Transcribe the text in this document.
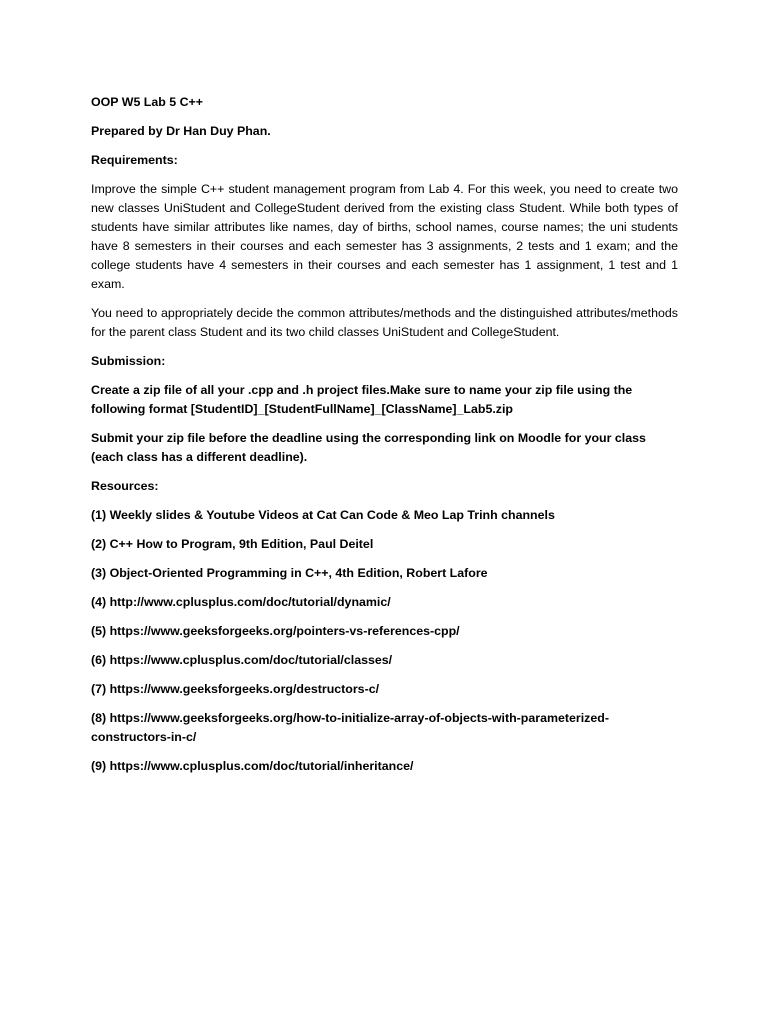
OOP W5 Lab 5 C++

Prepared by Dr Han Duy Phan.

Requirements:

Improve the simple C++ student management program from Lab 4. For this week, you need to create two new classes UniStudent and CollegeStudent derived from the existing class Student. While both types of students have similar attributes like names, day of births, school names, course names; the uni students have 8 semesters in their courses and each semester has 3 assignments, 2 tests and 1 exam; and the college students have 4 semesters in their courses and each semester has 1 assignment, 1 test and 1 exam.

You need to appropriately decide the common attributes/methods and the distinguished attributes/methods for the parent class Student and its two child classes UniStudent and CollegeStudent.

Submission:

Create a zip file of all your .cpp and .h project files.Make sure to name your zip file using the following format [StudentID]_[StudentFullName]_[ClassName]_Lab5.zip

Submit your zip file before the deadline using the corresponding link on Moodle for your class (each class has a different deadline).

Resources:

(1) Weekly slides & Youtube Videos at Cat Can Code & Meo Lap Trinh channels

(2) C++ How to Program, 9th Edition, Paul Deitel

(3) Object-Oriented Programming in C++, 4th Edition, Robert Lafore

(4) http://www.cplusplus.com/doc/tutorial/dynamic/

(5) https://www.geeksforgeeks.org/pointers-vs-references-cpp/

(6) https://www.cplusplus.com/doc/tutorial/classes/

(7) https://www.geeksforgeeks.org/destructors-c/

(8) https://www.geeksforgeeks.org/how-to-initialize-array-of-objects-with-parameterized-constructors-in-c/

(9) https://www.cplusplus.com/doc/tutorial/inheritance/
